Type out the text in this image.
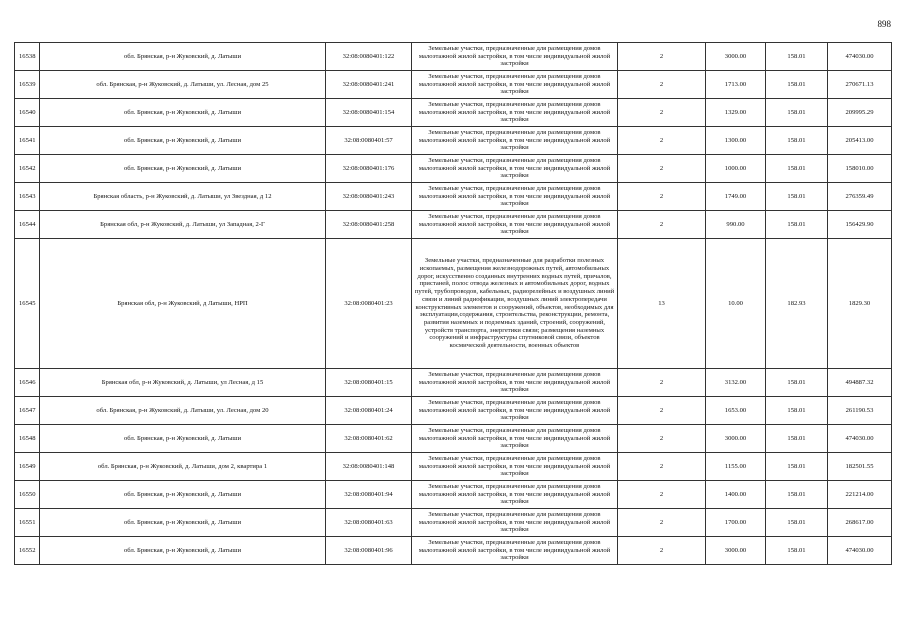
898
16538	обл. Брянская, р-н Жуковский, д. Латыши	32:08:0080401:122	Земельные участки, предназначенные для размещения домов малоэтажной жилой застройки, в том числе индивидуальной жилой застройки	2	3000.00	158.01	474030.00
16539	обл. Брянская, р-н Жуковский, д. Латыши, ул. Лесная, дом 25	32:08:0080401:241	Земельные участки, предназначенные для размещения домов малоэтажной жилой застройки, в том числе индивидуальной жилой застройки	2	1713.00	158.01	270671.13
16540	обл. Брянская, р-н Жуковский, д. Латыши	32:08:0080401:154	Земельные участки, предназначенные для размещения домов малоэтажной жилой застройки, в том числе индивидуальной жилой застройки	2	1329.00	158.01	209995.29
16541	обл. Брянская, р-н Жуковский, д. Латыши	32:08:0080401:57	Земельные участки, предназначенные для размещения домов малоэтажной жилой застройки, в том числе индивидуальной жилой застройки	2	1300.00	158.01	205413.00
16542	обл. Брянская, р-н Жуковский, д. Латыши	32:08:0080401:176	Земельные участки, предназначенные для размещения домов малоэтажной жилой застройки, в том числе индивидуальной жилой застройки	2	1000.00	158.01	158010.00
16543	Брянская область, р-н Жуковский, д. Латыши, ул Звездная, д 12	32:08:0080401:243	Земельные участки, предназначенные для размещения домов малоэтажной жилой застройки, в том числе индивидуальной жилой застройки	2	1749.00	158.01	276359.49
16544	Брянская обл, р-н Жуковский, д. Латыши, ул Западная, 2-Г	32:08:0080401:258	Земельные участки, предназначенные для размещения домов малоэтажной жилой застройки, в том числе индивидуальной жилой застройки	2	990.00	158.01	156429.90
16545	Брянская обл, р-н Жуковский, д Латыши, НРП	32:08:0080401:23	Земельные участки, предназначенные для разработки полезных ископаемых, размещения железнодорожных путей, автомобильных дорог, искусственно созданных внутренних водных путей, причалов, пристаней, полос отвода железных и автомобильных дорог, водных путей, трубопроводов, кабельных, радиорелейных и воздушных линий связи и линий радиофикации, воздушных линий электропередачи конструктивных элементов и сооружений, объектов, необходимых для эксплуатации,содержания, строительства, реконструкции, ремонта, развития наземных и подземных зданий, строений, сооружений, устройств транспорта, энергетики связи; размещения наземных сооружений и инфраструктуры спутниковой связи, объектов космической деятельности, военных объектов	13	10.00	182.93	1829.30
16546	Брянская обл, р-н Жуковский, д. Латыши, ул Лесная, д 15	32:08:0080401:15	Земельные участки, предназначенные для размещения домов малоэтажной жилой застройки, в том числе индивидуальной жилой застройки	2	3132.00	158.01	494887.32
16547	обл. Брянская, р-н Жуковский, д. Латыши, ул. Лесная, дом 20	32:08:0080401:24	Земельные участки, предназначенные для размещения домов малоэтажной жилой застройки, в том числе индивидуальной жилой застройки	2	1653.00	158.01	261190.53
16548	обл. Брянская, р-н Жуковский, д. Латыши	32:08:0080401:62	Земельные участки, предназначенные для размещения домов малоэтажной жилой застройки, в том числе индивидуальной жилой застройки	2	3000.00	158.01	474030.00
16549	обл. Брянская, р-н Жуковский, д. Латыши, дом 2, квартира 1	32:08:0080401:148	Земельные участки, предназначенные для размещения домов малоэтажной жилой застройки, в том числе индивидуальной жилой застройки	2	1155.00	158.01	182501.55
16550	обл. Брянская, р-н Жуковский, д. Латыши	32:08:0080401:94	Земельные участки, предназначенные для размещения домов малоэтажной жилой застройки, в том числе индивидуальной жилой застройки	2	1400.00	158.01	221214.00
16551	обл. Брянская, р-н Жуковский, д. Латыши	32:08:0080401:63	Земельные участки, предназначенные для размещения домов малоэтажной жилой застройки, в том числе индивидуальной жилой застройки	2	1700.00	158.01	268617.00
16552	обл. Брянская, р-н Жуковский, д. Латыши	32:08:0080401:96	Земельные участки, предназначенные для размещения домов малоэтажной жилой застройки, в том числе индивидуальной жилой застройки	2	3000.00	158.01	474030.00
